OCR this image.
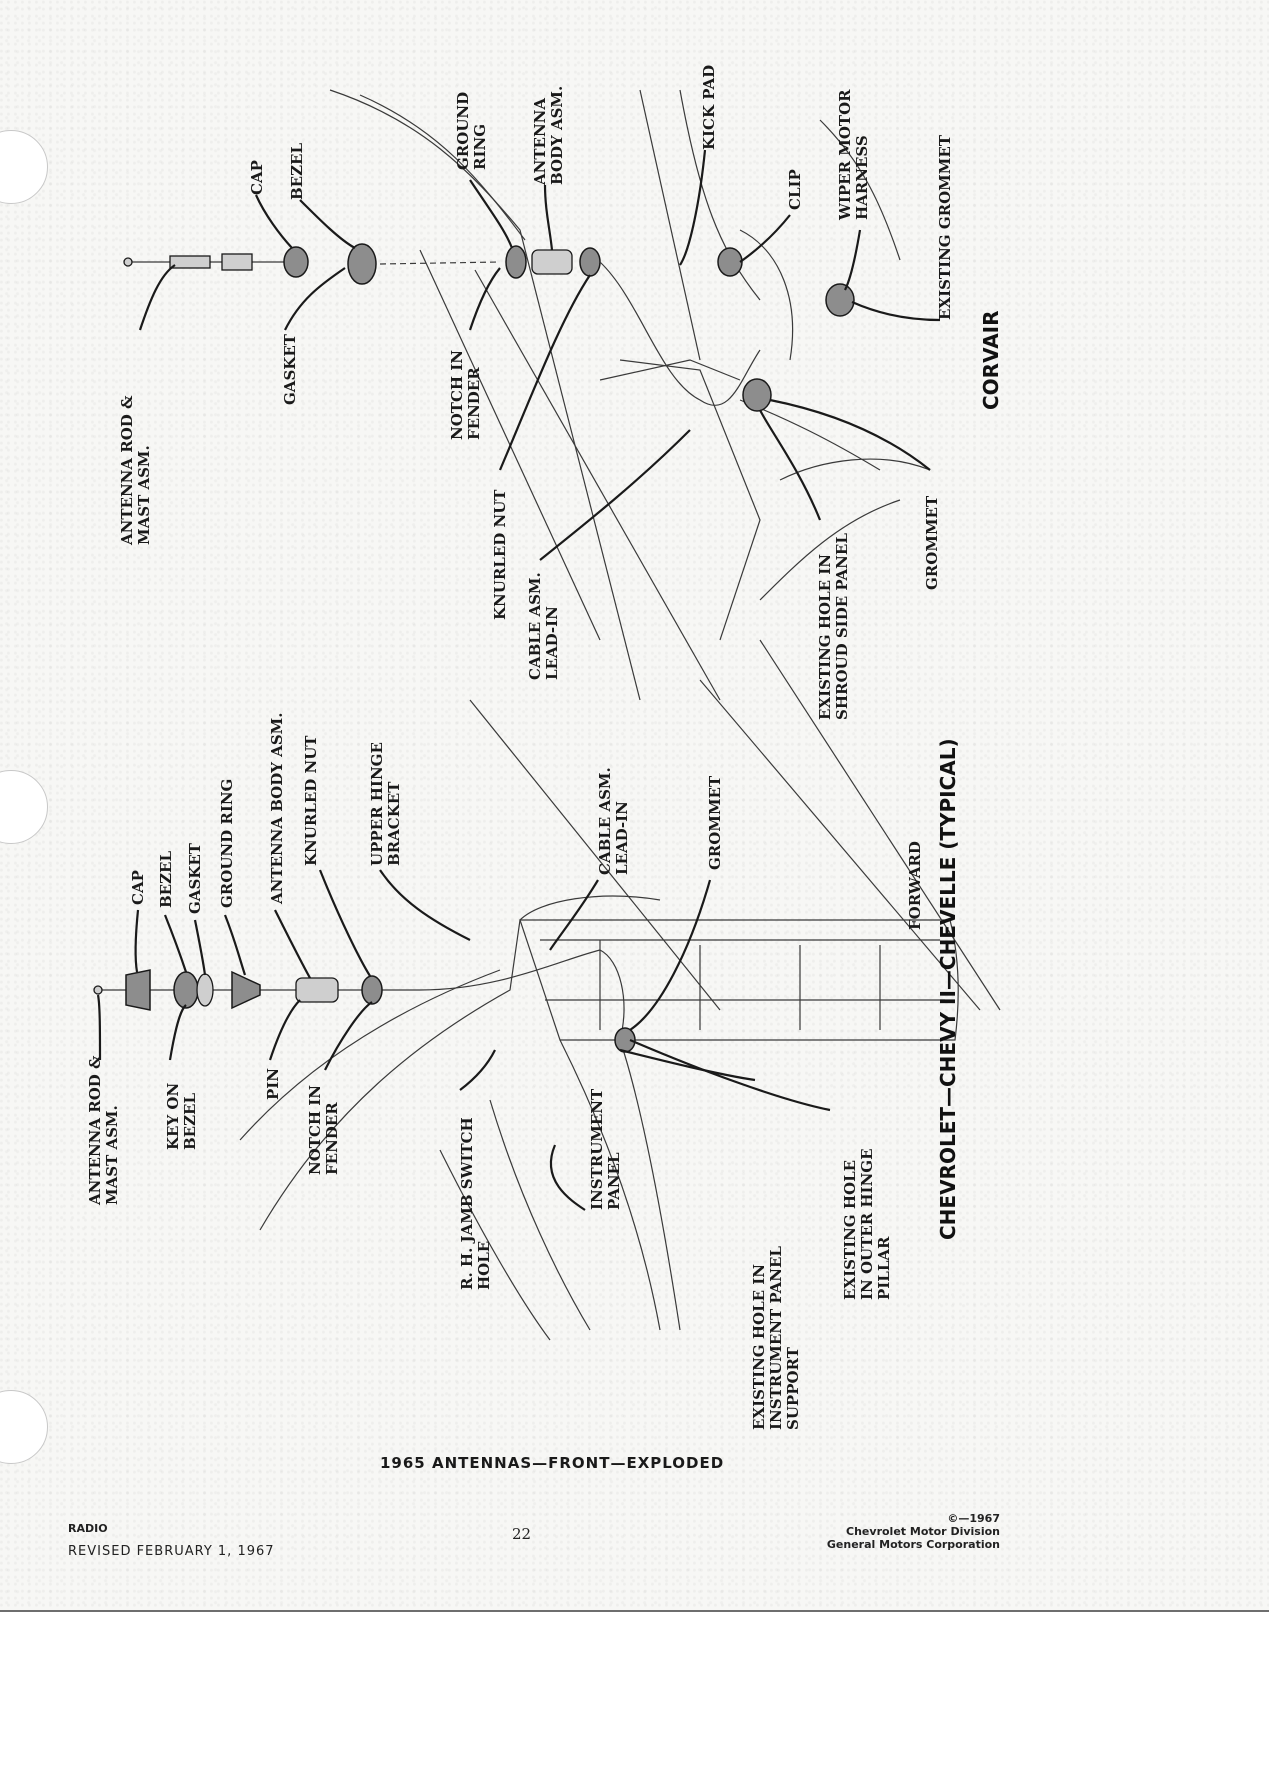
ANTENNA ROD &MAST ASM.
GASKET	NOTCH INFENDER
KNURLED NUT
CABLE ASM.LEAD-IN	EXISTING HOLE INSHROUD SIDE PANEL	GROMMET
CAP BEZEL
GROUNDRING	ANTENNABODY ASM.	KICK PAD
CLIP WIPER MOTORHARNESS	EXISTING GROMMET
CORVAIR
ANTENNA ROD &MAST ASM.	KEY ONBEZEL
PIN
NOTCH INFENDER	R. H. JAMB SWITCHHOLE
INSTRUMENTPANEL
EXISTING HOLE ININSTRUMENT PANELSUPPORT
EXISTING HOLEIN OUTER HINGEPILLAR
CAP BEZEL GASKET GROUND RING ANTENNA BODY ASM. KNURLED NUT	UPPER HINGEBRACKET	CABLE ASM.LEAD-IN	GROMMET
FORWARD CHEVROLET—CHEVY II—CHEVELLE (TYPICAL)
1965 ANTENNAS—FRONT—EXPLODED
RADIO
REVISED FEBRUARY 1, 1967
22
©—1967
Chevrolet Motor Division
General Motors Corporation
